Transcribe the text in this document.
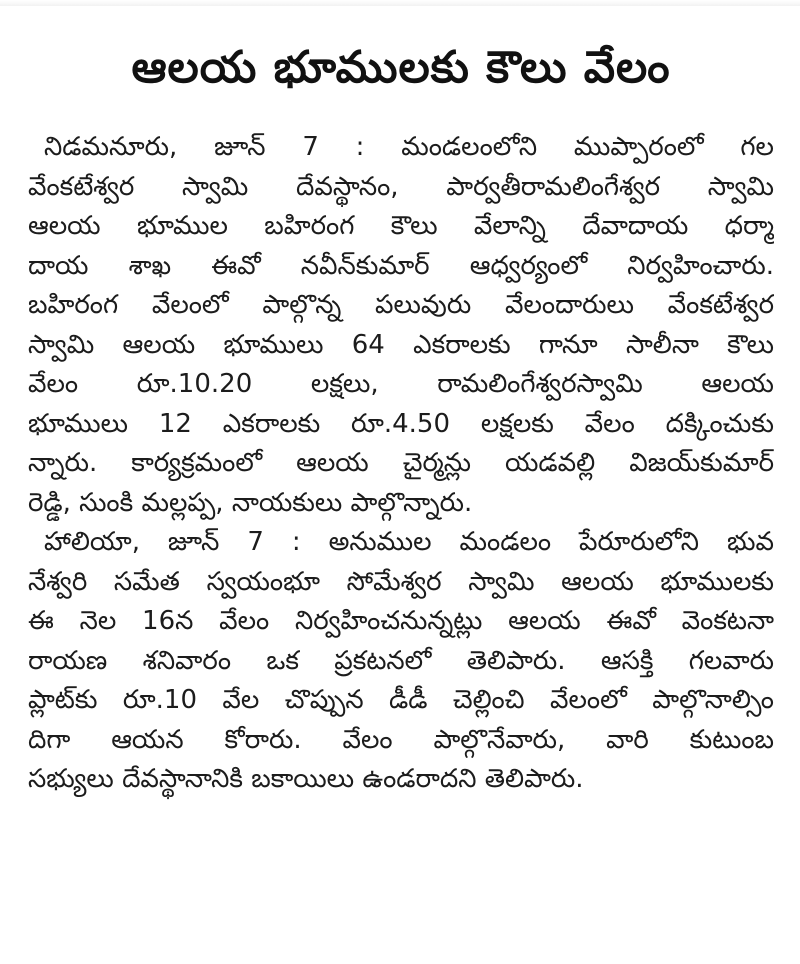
ఆలయ భూములకు కౌలు వేలం

నిడమనూరు, జూన్ 7 : మండలంలోని ముప్పారంలో గల
వేంకటేశ్వర స్వామి దేవస్థానం, పార్వతీరామలింగేశ్వర స్వామి
ఆలయ భూముల బహిరంగ కౌలు వేలాన్ని దేవాదాయ ధర్మా
దాయ శాఖ ఈవో నవీన్‌కుమార్ ఆధ్వర్యంలో నిర్వహించారు.
బహిరంగ వేలంలో పాల్గొన్న పలువురు వేలందారులు వేంకటేశ్వర
స్వామి ఆలయ భూములు 64 ఎకరాలకు గానూ సాలీనా కౌలు
వేలం రూ.10.20 లక్షలు, రామలింగేశ్వరస్వామి ఆలయ
భూములు 12 ఎకరాలకు రూ.4.50 లక్షలకు వేలం దక్కించుకు
న్నారు. కార్యక్రమంలో ఆలయ చైర్మన్లు యడవల్లి విజయ్‌కుమార్
రెడ్డి, సుంకి మల్లప్ప, నాయకులు పాల్గొన్నారు.

హాలియా, జూన్ 7 : అనుముల మండలం పేరూరులోని భువ
నేశ్వరి సమేత స్వయంభూ సోమేశ్వర స్వామి ఆలయ భూములకు
ఈ నెల 16న వేలం నిర్వహించనున్నట్లు ఆలయ ఈవో వెంకటనా
రాయణ శనివారం ఒక ప్రకటనలో తెలిపారు. ఆసక్తి గలవారు
ప్లాట్‌కు రూ.10 వేల చొప్పున డీడీ చెల్లించి వేలంలో పాల్గొనాల్సిం
దిగా ఆయన కోరారు. వేలం పాల్గొనేవారు, వారి కుటుంబ
సభ్యులు దేవస్థానానికి బకాయిలు ఉండరాదని తెలిపారు.
